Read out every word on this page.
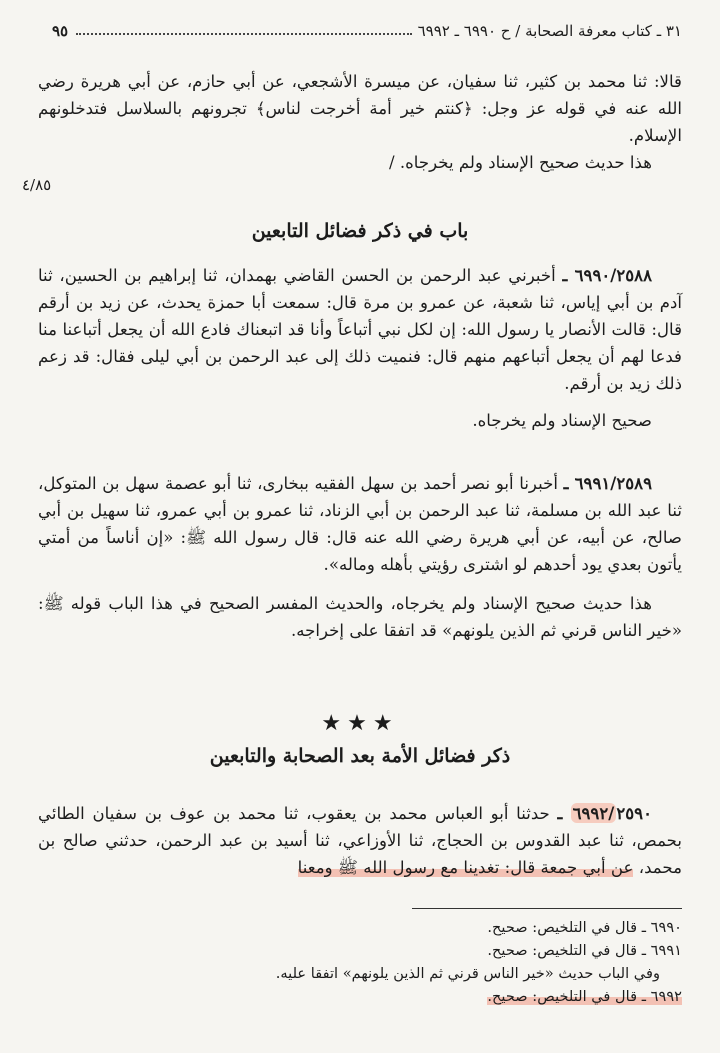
٩٥	٣١ ـ كتاب معرفة الصحابة / ح ٦٩٩٠ ـ ٦٩٩٢

قالا: ثنا محمد بن كثير، ثنا سفيان، عن ميسرة الأشجعي، عن أبي حازم، عن أبي هريرة رضي الله عنه في قوله عز وجل: ﴿كنتم خير أمة أخرجت لناس﴾ تجرونهم بالسلاسل فتدخلونهم الإسلام.

هذا حديث صحيح الإسناد ولم يخرجاه. /

٤/٨٥

باب في ذكر فضائل التابعين

٦٩٩٠/٢٥٨٨ ـ أخبرني عبد الرحمن بن الحسن القاضي بهمدان، ثنا إبراهيم بن الحسين، ثنا آدم بن أبي إياس، ثنا شعبة، عن عمرو بن مرة قال: سمعت أبا حمزة يحدث، عن زيد بن أرقم قال: قالت الأنصار يا رسول الله: إن لكل نبي أتباعاً وأنا قد اتبعناك فادع الله أن يجعل أتباعنا منا فدعا لهم أن يجعل أتباعهم منهم قال: فنميت ذلك إلى عبد الرحمن بن أبي ليلى فقال: قد زعم ذلك زيد بن أرقم.

صحيح الإسناد ولم يخرجاه.

٦٩٩١/٢٥٨٩ ـ أخبرنا أبو نصر أحمد بن سهل الفقيه ببخارى، ثنا أبو عصمة سهل بن المتوكل، ثنا عبد الله بن مسلمة، ثنا عبد الرحمن بن أبي الزناد، ثنا عمرو بن أبي عمرو، ثنا سهيل بن أبي صالح، عن أبيه، عن أبي هريرة رضي الله عنه قال: قال رسول الله ﷺ: «إن أناساً من أمتي يأتون بعدي يود أحدهم لو اشترى رؤيتي بأهله وماله».

هذا حديث صحيح الإسناد ولم يخرجاه، والحديث المفسر الصحيح في هذا الباب قوله ﷺ: «خير الناس قرني ثم الذين يلونهم» قد اتفقا على إخراجه.

★★★

ذكر فضائل الأمة بعد الصحابة والتابعين

٦٩٩٢/٢٥٩٠ ـ حدثنا أبو العباس محمد بن يعقوب، ثنا محمد بن عوف بن سفيان الطائي بحمص، ثنا عبد القدوس بن الحجاج، ثنا الأوزاعي، ثنا أسيد بن عبد الرحمن، حدثني صالح بن محمد، عن أبي جمعة قال: تغدينا مع رسول الله ﷺ ومعنا

٦٩٩٠ ـ قال في التلخيص: صحيح.

٦٩٩١ ـ قال في التلخيص: صحيح.

وفي الباب حديث «خير الناس قرني ثم الذين يلونهم» اتفقا عليه.

٦٩٩٢ ـ قال في التلخيص: صحيح.
